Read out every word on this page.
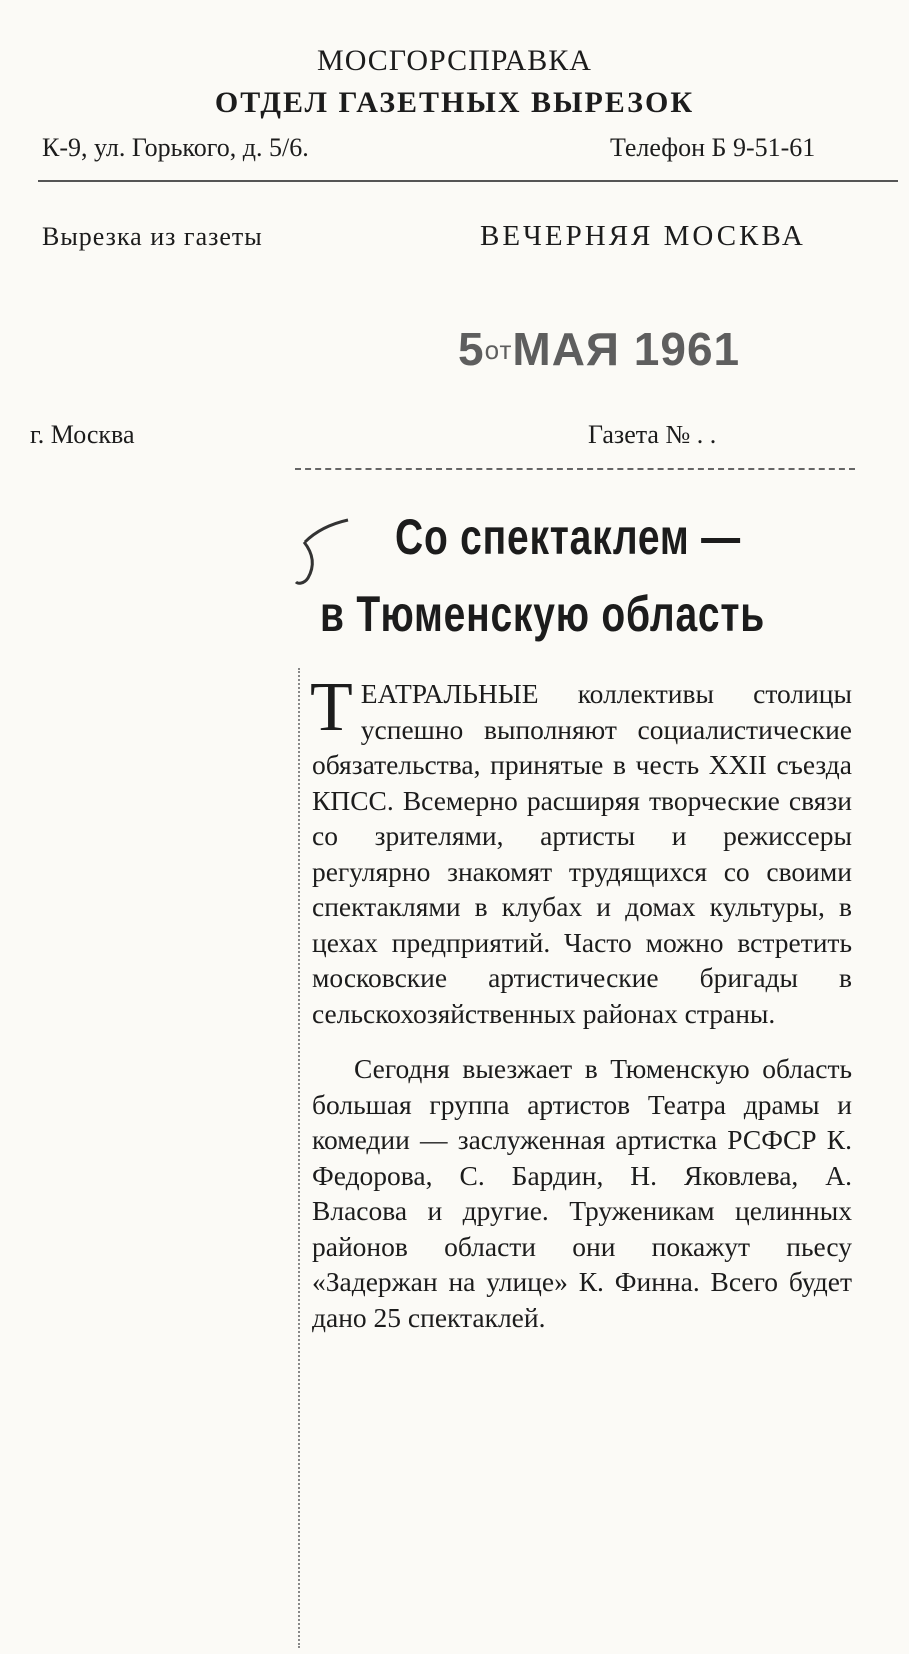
МОСГОРСПРАВКА
ОТДЕЛ ГАЗЕТНЫХ ВЫРЕЗОК
К-9, ул. Горького, д. 5/6.	Телефон Б 9-51-61
Вырезка из газеты	ВЕЧЕРНЯЯ МОСКВА
5отМАЯ 1961
г. Москва	Газета № . .
Со спектаклем —
в Тюменскую область

ТЕАТРАЛЬНЫЕ коллективы столицы успешно выполняют социалистические обязательства, принятые в честь XXII съезда КПСС. Всемерно расширяя творческие связи со зрителями, артисты и режиссеры регулярно знакомят трудящихся со своими спектаклями в клубах и домах культуры, в цехах предприятий. Часто можно встретить московские артистические бригады в сельскохозяйственных районах страны.

Сегодня выезжает в Тюменскую область большая группа артистов Театра драмы и комедии — заслуженная артистка РСФСР К. Федорова, С. Бардин, Н. Яковлева, А. Власова и другие. Труженикам целинных районов области они покажут пьесу «Задержан на улице» К. Финна. Всего будет дано 25 спектаклей.
